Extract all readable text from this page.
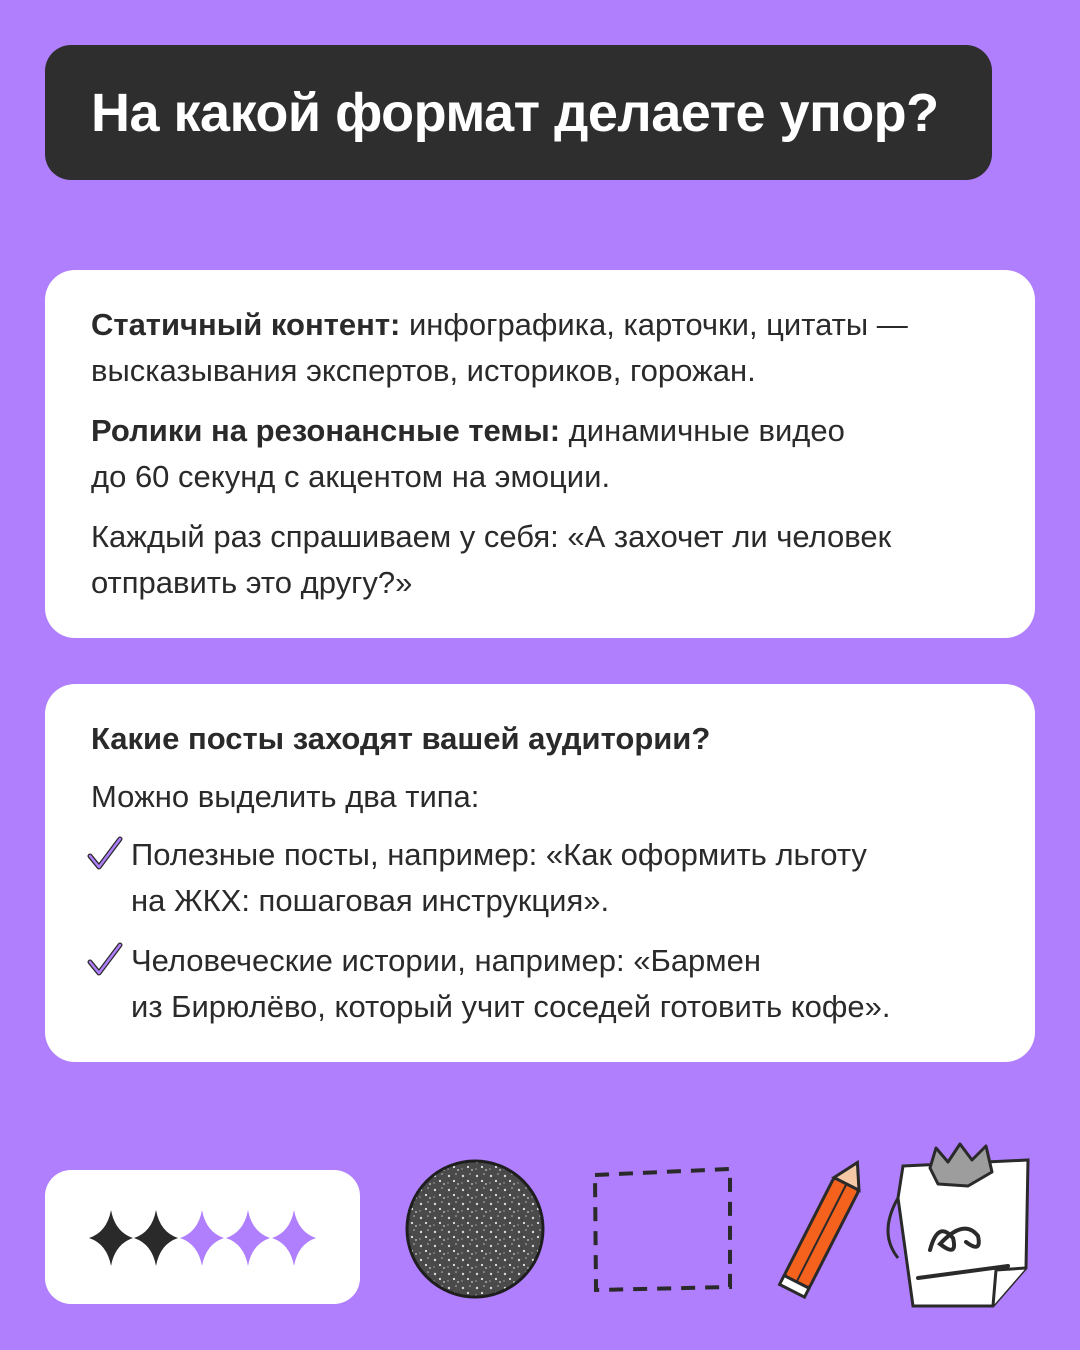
На какой формат делаете упор?

Статичный контент: инфографика, карточки, цитаты —
высказывания экспертов, историков, горожан.

Ролики на резонансные темы: динамичные видео
до 60 секунд с акцентом на эмоции.

Каждый раз спрашиваем у себя: «А захочет ли человек
отправить это другу?»

Какие посты заходят вашей аудитории?

Можно выделить два типа:

Полезные посты, например: «Как оформить льготу
на ЖКХ: пошаговая инструкция».
Человеческие истории, например: «Бармен
из Бирюлёво, который учит соседей готовить кофе».
